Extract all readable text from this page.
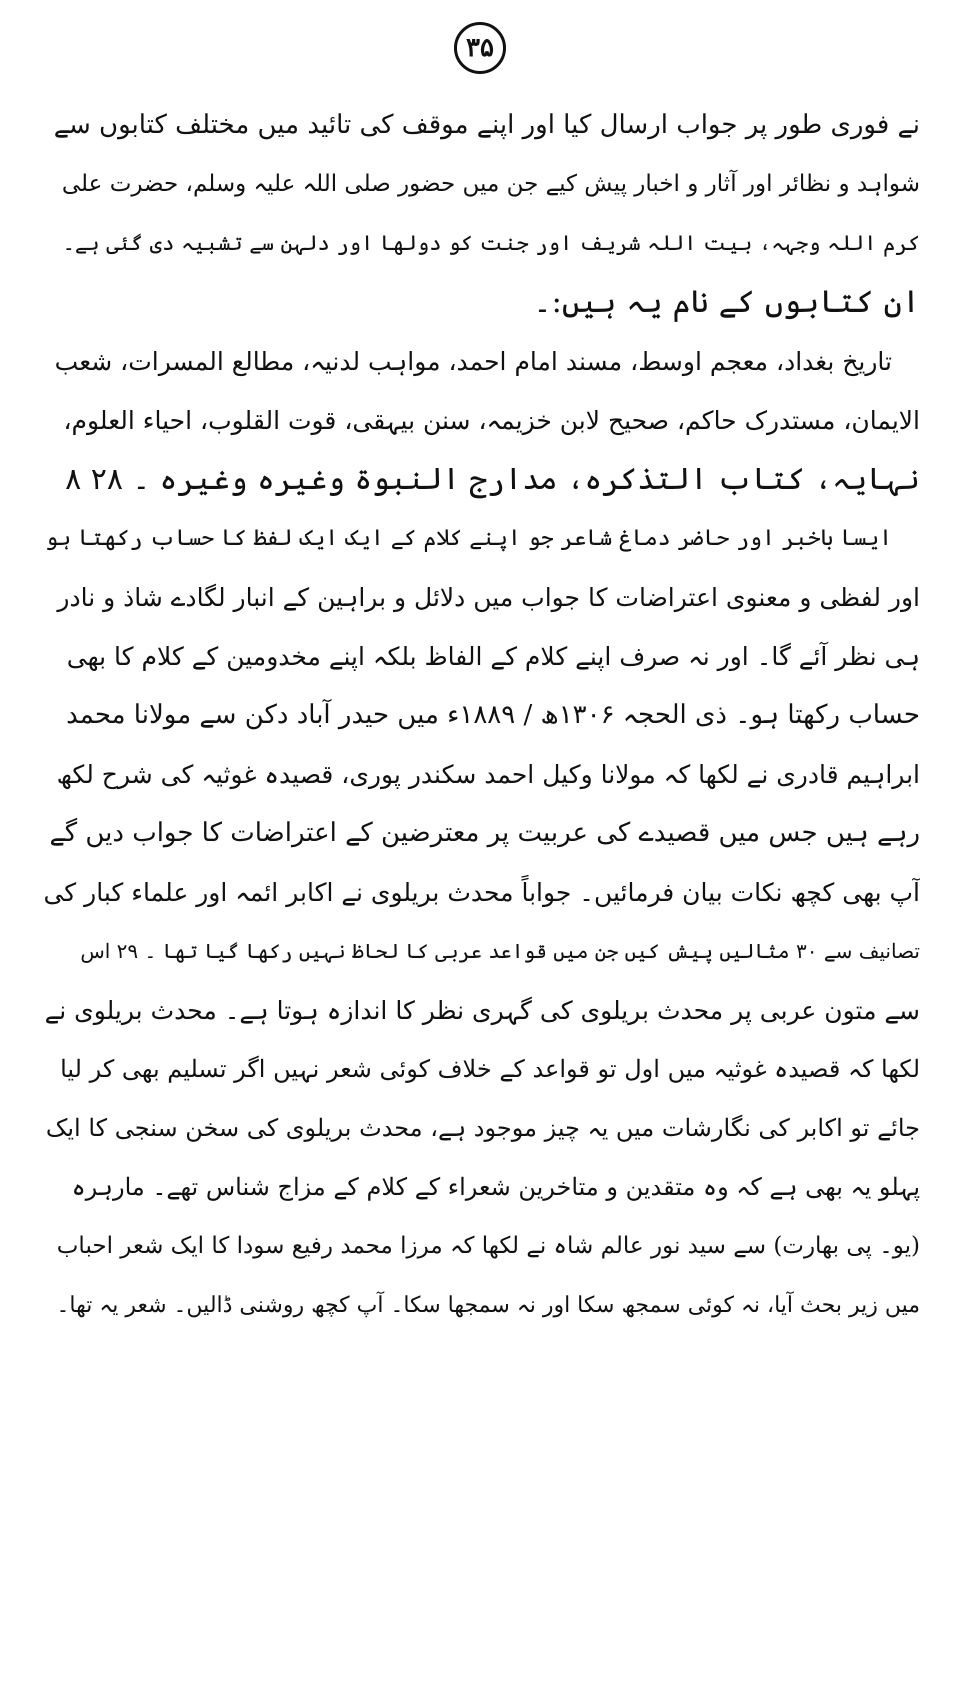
۳۵
نے فوری طور پر جواب ارسال کیا اور اپنے موقف کی تائید میں مختلف کتابوں سے
شواہد و نظائر اور آثار و اخبار پیش کیے جن میں حضور صلی اللہ علیہ وسلم، حضرت علی
کرم اللہ وجہہ، بیت اللہ شریف اور جنت کو دولھا اور دلہن سے تشبیہ دی گئی ہے۔
ان کتابوں کے نام یہ ہیں:۔
تاریخ بغداد، معجم اوسط، مسند امام احمد، مواہب لدنیہ، مطالع المسرات، شعب
الایمان، مستدرک حاکم، صحیح لابن خزیمہ، سنن بیہقی، قوت القلوب، احیاء العلوم،
نہایہ، کتاب التذکرہ، مدارج النبوۃ وغیرہ وغیرہ ۔ ۲۸ ۸
ایسا باخبر اور حاضر دماغ شاعر جو اپنے کلام کے ایک ایک لفظ کا حساب رکھتا ہو
اور لفظی و معنوی اعتراضات کا جواب میں دلائل و براہین کے انبار لگادے شاذ و نادر
ہی نظر آئے گا۔ اور نہ صرف اپنے کلام کے الفاظ بلکہ اپنے مخدومین کے کلام کا بھی
حساب رکھتا ہو۔ ذی الحجہ ۱۳۰۶ھ / ۱۸۸۹ء میں حیدر آباد دکن سے مولانا محمد
ابراہیم قادری نے لکھا کہ مولانا وکیل احمد سکندر پوری، قصیدہ غوثیہ کی شرح لکھ
رہے ہیں جس میں قصیدے کی عربیت پر معترضین کے اعتراضات کا جواب دیں گے
آپ بھی کچھ نکات بیان فرمائیں۔ جواباً محدث بریلوی نے اکابر ائمہ اور علماء کبار کی
تصانیف سے ۳۰ مثالیں پیش کیں جن میں قواعد عربی کا لحاظ نہیں رکھا گیا تھا ۔ ۲۹ اس
سے متون عربی پر محدث بریلوی کی گہری نظر کا اندازہ ہوتا ہے۔ محدث بریلوی نے
لکھا کہ قصیدہ غوثیہ میں اول تو قواعد کے خلاف کوئی شعر نہیں اگر تسلیم بھی کر لیا
جائے تو اکابر کی نگارشات میں یہ چیز موجود ہے، محدث بریلوی کی سخن سنجی کا ایک
پہلو یہ بھی ہے کہ وہ متقدین و متاخرین شعراء کے کلام کے مزاج شناس تھے۔ مارہرہ
(یو۔ پی بھارت) سے سید نور عالم شاہ نے لکھا کہ مرزا محمد رفیع سودا کا ایک شعر احباب
میں زیر بحث آیا، نہ کوئی سمجھ سکا اور نہ سمجھا سکا۔ آپ کچھ روشنی ڈالیں۔ شعر یہ تھا۔
